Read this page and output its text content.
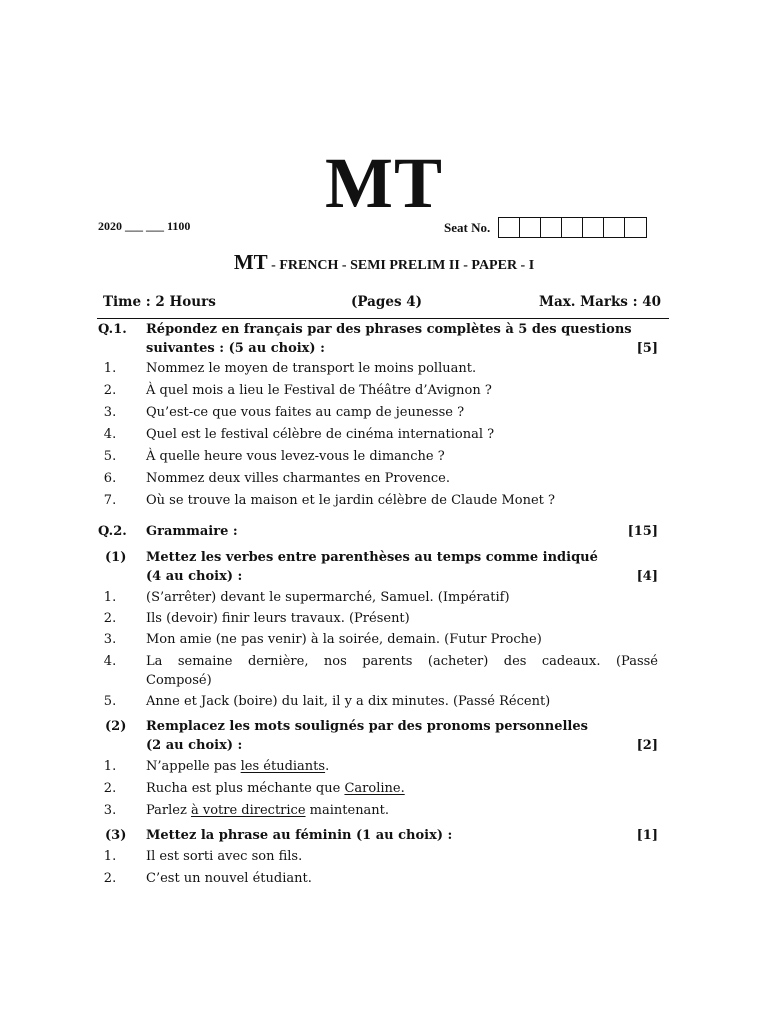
MT
2020 ___ ___ 1100	Seat No.
MT - FRENCH - SEMI PRELIM II - PAPER - I
Time : 2 Hours	(Pages 4)	Max. Marks : 40
Q.1. Répondez en français par des phrases complètes à 5 des questions
suivantes : (5 au choix) :	[5]
1.	Nommez le moyen de transport le moins polluant.
2.	À quel mois a lieu le Festival de Théâtre d’Avignon ?
3.	Qu’est-ce que vous faites au camp de jeunesse ?
4.	Quel est le festival célèbre de cinéma international ?
5.	À quelle heure vous levez-vous le dimanche ?
6.	Nommez deux villes charmantes en Provence.
7.	Où se trouve la maison et le jardin célèbre de Claude Monet ?
Q.2. Grammaire :	[15]
(1) Mettez les verbes entre parenthèses au temps comme indiqué
(4 au choix) :	[4]
1.	(S’arrêter) devant le supermarché, Samuel. (Impératif)
2.	Ils (devoir) finir leurs travaux. (Présent)
3.	Mon amie (ne pas venir) à la soirée, demain. (Futur Proche)
4.	La semaine dernière, nos parents (acheter) des cadeaux. (Passé
Composé)
5.	Anne et Jack (boire) du lait, il y a dix minutes. (Passé Récent)
(2) Remplacez les mots soulignés par des pronoms personnelles
(2 au choix) :	[2]
1.	N’appelle pas les étudiants.
2.	Rucha est plus méchante que Caroline.
3.	Parlez à votre directrice maintenant.
(3) Mettez la phrase au féminin (1 au choix) :	[1]
1.	Il est sorti avec son fils.
2.	C’est un nouvel étudiant.
